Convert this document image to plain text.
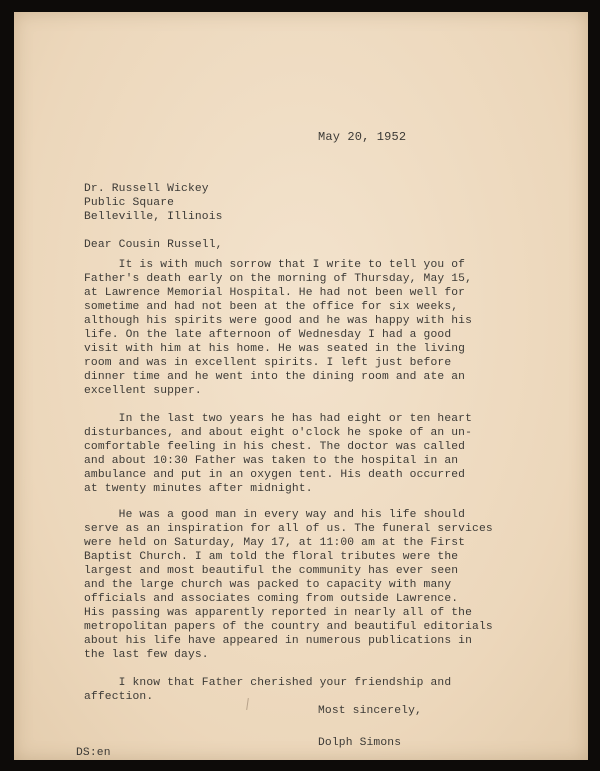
May 20, 1952
Dr. Russell Wickey
Public Square
Belleville, Illinois
Dear Cousin Russell,
It is with much sorrow that I write to tell you of
Father's death early on the morning of Thursday, May 15,
at Lawrence Memorial Hospital. He had not been well for
sometime and had not been at the office for six weeks,
although his spirits were good and he was happy with his
life. On the late afternoon of Wednesday I had a good
visit with him at his home. He was seated in the living
room and was in excellent spirits. I left just before
dinner time and he went into the dining room and ate an
excellent supper.
In the last two years he has had eight or ten heart
disturbances, and about eight o'clock he spoke of an un-
comfortable feeling in his chest. The doctor was called
and about 10:30 Father was taken to the hospital in an
ambulance and put in an oxygen tent. His death occurred
at twenty minutes after midnight.
He was a good man in every way and his life should
serve as an inspiration for all of us. The funeral services
were held on Saturday, May 17, at 11:00 am at the First
Baptist Church. I am told the floral tributes were the
largest and most beautiful the community has ever seen
and the large church was packed to capacity with many
officials and associates coming from outside Lawrence.
His passing was apparently reported in nearly all of the
metropolitan papers of the country and beautiful editorials
about his life have appeared in numerous publications in
the last few days.
I know that Father cherished your friendship and
affection.
Most sincerely,
Dolph Simons
DS:en
